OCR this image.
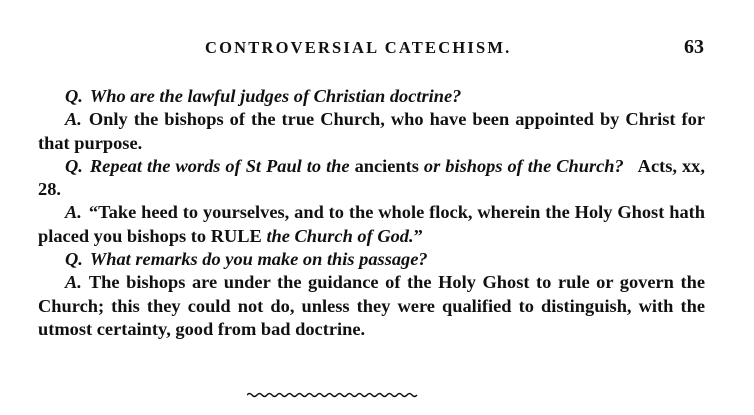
CONTROVERSIAL CATECHISM.	63

Q. Who are the lawful judges of Christian doctrine?

A. Only the bishops of the true Church, who have been appointed by Christ for that purpose.

Q. Repeat the words of St Paul to the ancients or bishops of the Church? Acts, xx, 28.

A. “Take heed to yourselves, and to the whole flock, wherein the Holy Ghost hath placed you bishops to RULE the Church of God.”

Q. What remarks do you make on this passage?

A. The bishops are under the guidance of the Holy Ghost to rule or govern the Church; this they could not do, unless they were qualified to distinguish, with the utmost certainty, good from bad doctrine.
